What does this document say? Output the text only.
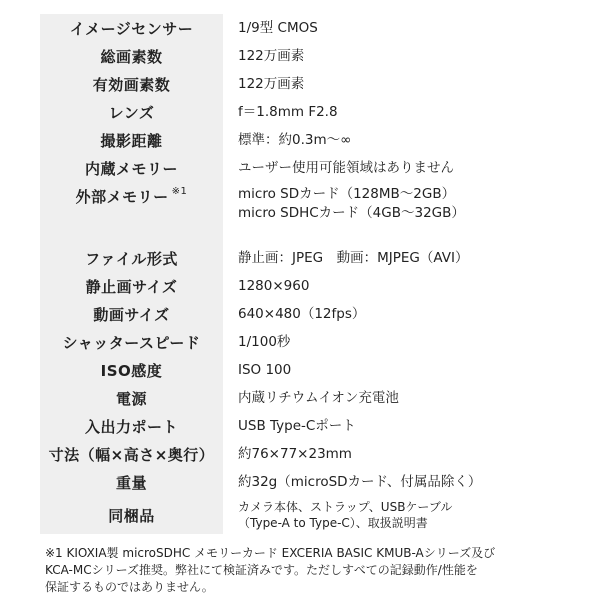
イメージセンサー	1/9型 CMOS
総画素数	122万画素
有効画素数	122万画素
レンズ	f＝1.8mm F2.8
撮影距離	標準：約0.3m〜∞
内蔵メモリー	ユーザー使用可能領域はありません
外部メモリー ※1	micro SDカード（128MB〜2GB）
micro SDHCカード（4GB〜32GB）
ファイル形式	静止画：JPEG　動画：MJPEG（AVI）
静止画サイズ	1280×960
動画サイズ	640×480（12fps）
シャッタースピード	1/100秒
ISO感度	ISO 100
電源	内蔵リチウムイオン充電池
入出力ポート	USB Type-Cポート
寸法（幅×高さ×奥行）	約76×77×23mm
重量	約32g（microSDカード、付属品除く）
同梱品	カメラ本体、ストラップ、USBケーブル
（Type-A to Type-C）、取扱説明書
※1 KIOXIA製 microSDHC メモリーカード EXCERIA BASIC KMUB-Aシリーズ及び
KCA-MCシリーズ推奨。弊社にて検証済みです。ただしすべての記録動作/性能を
保証するものではありません。
